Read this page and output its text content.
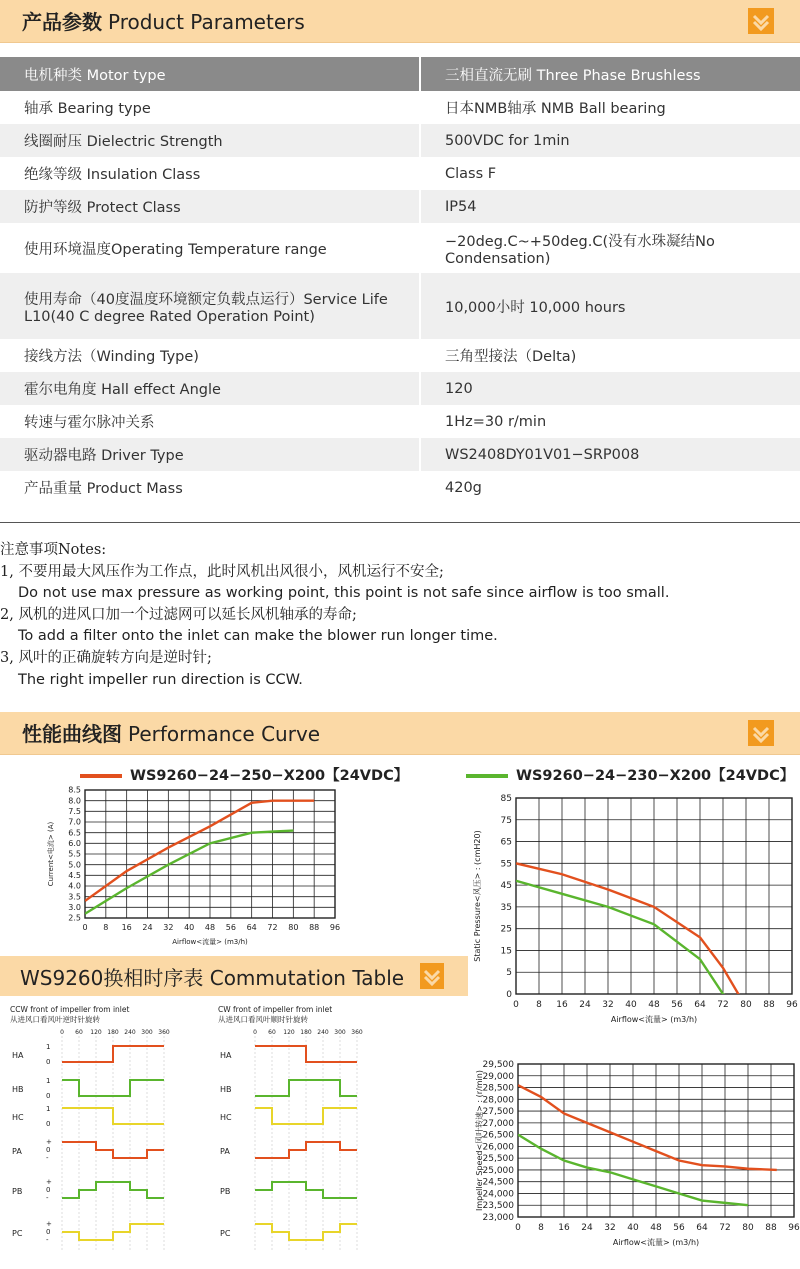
产品参数 Product Parameters
电机种类 Motor type	三相直流无刷 Three Phase Brushless
轴承 Bearing type	日本NMB轴承 NMB Ball bearing
线圈耐压 Dielectric Strength	500VDC for 1min
绝缘等级 Insulation Class	Class F
防护等级 Protect Class	IP54
使用环境温度Operating Temperature range	−20deg.C~+50deg.C(没有水珠凝结No Condensation)
使用寿命（40度温度环境额定负载点运行）Service Life L10(40 C degree Rated Operation Point)	10,000小时 10,000 hours
接线方法（Winding Type)	三角型接法（Delta)
霍尔电角度 Hall effect Angle	120
转速与霍尔脉冲关系	1Hz=30 r/min
驱动器电路 Driver Type	WS2408DY01V01−SRP008
产品重量 Product Mass	420g
注意事项Notes:
1, 不要用最大风压作为工作点，此时风机出风很小，风机运行不安全;
Do not use max pressure as working point, this point is not safe since airflow is too small.
2, 风机的进风口加一个过滤网可以延长风机轴承的寿命;
To add a filter onto the inlet can make the blower run longer time.
3, 风叶的正确旋转方向是逆时针;
The right impeller run direction is CCW.
性能曲线图 Performance Curve
WS9260−24−250−X200【24VDC】	WS9260−24−230−X200【24VDC】
0 8 16 24 32 40 48 56 64 72 80 88 96
2.5
3.0
3.5
4.0
4.5
5.0
5.5
6.0
6.5
7.0
7.5
8.0
8.5
Airflow<流量> (m3/h)
Current<电流> (A)
0 8 16 24 32 40 48 56 64 72 80 88 96
0
5
15
25
35
45
55
65
75
85
Airflow<流量> (m3/h)
Static Pressure<风压> : (cmH20)
0 8 16 24 32 40 48 56 64 72 80 88 96
23,000
23,500
24,000
24,500
25,000
25,500
26,000
26,500
27,000
27,500
28,000
28,500
29,000
29,500
Airflow<流量> (m3/h)
Impeller Speed<风叶转速> : (r/min)
WS9260换相时序表 Commutation Table
CCW front of impeller from inlet
从进风口看风叶逆时针旋转
0 60 120 180 240 300 360
HA
1
0
HB
1
0
HC
1
0
PA
+
0
-
PB
+
0
-
PC
+
0
-
CW front of impeller from inlet
从进风口看风叶顺时针旋转
0 60 120 180 240 300 360
HA
HB
HC
PA
PB
PC
